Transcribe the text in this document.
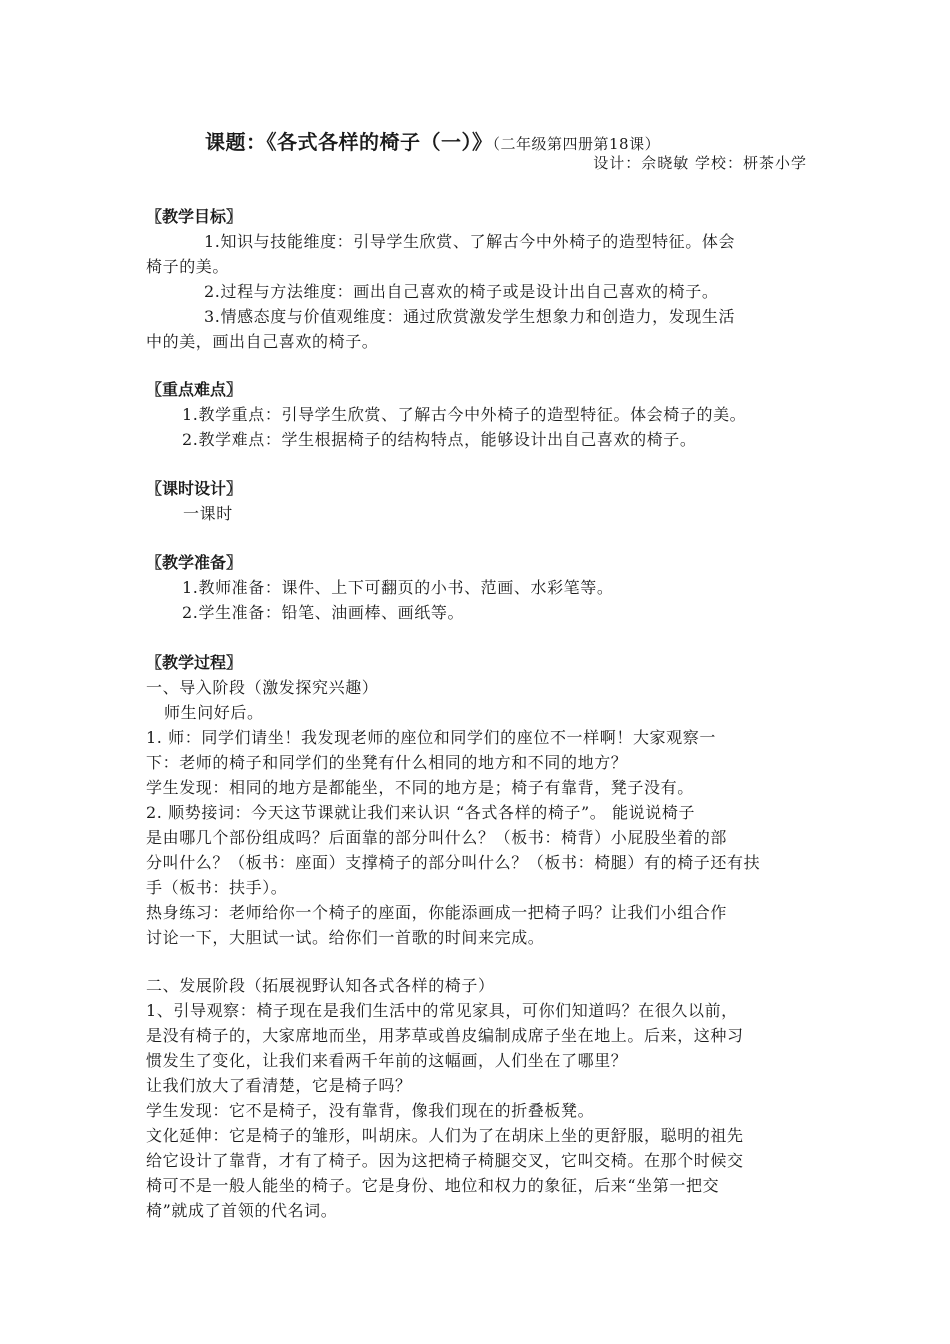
课题：《各式各样的椅子（一）》（二年级第四册第18课）
设计：佘晓敏 学校：枅茶小学
〖教学目标〗
1.知识与技能维度：引导学生欣赏、了解古今中外椅子的造型特征。体会
椅子的美。
2.过程与方法维度：画出自己喜欢的椅子或是设计出自己喜欢的椅子。
3.情感态度与价值观维度：通过欣赏激发学生想象力和创造力，发现生活
中的美，画出自己喜欢的椅子。
〖重点难点〗
1.教学重点：引导学生欣赏、了解古今中外椅子的造型特征。体会椅子的美。
2.教学难点：学生根据椅子的结构特点，能够设计出自己喜欢的椅子。
〖课时设计〗
一课时
〖教学准备〗
1.教师准备：课件、上下可翻页的小书、范画、水彩笔等。
2.学生准备：铅笔、油画棒、画纸等。
〖教学过程〗
一、导入阶段（激发探究兴趣）
师生问好后。
1. 师：同学们请坐！我发现老师的座位和同学们的座位不一样啊！大家观察一
下：老师的椅子和同学们的坐凳有什么相同的地方和不同的地方？
学生发现：相同的地方是都能坐，不同的地方是；椅子有靠背，凳子没有。
2. 顺势接词：今天这节课就让我们来认识 “各式各样的椅子”。 能说说椅子
是由哪几个部份组成吗？后面靠的部分叫什么？（板书：椅背）小屁股坐着的部
分叫什么？（板书：座面）支撑椅子的部分叫什么？（板书：椅腿）有的椅子还有扶
手（板书：扶手）。
热身练习：老师给你一个椅子的座面，你能添画成一把椅子吗？让我们小组合作
讨论一下，大胆试一试。给你们一首歌的时间来完成。
二、发展阶段（拓展视野认知各式各样的椅子）
1、引导观察：椅子现在是我们生活中的常见家具，可你们知道吗？在很久以前，
是没有椅子的，大家席地而坐，用茅草或兽皮编制成席子坐在地上。后来，这种习
惯发生了变化，让我们来看两千年前的这幅画，人们坐在了哪里？
让我们放大了看清楚，它是椅子吗？
学生发现：它不是椅子，没有靠背，像我们现在的折叠板凳。
文化延伸：它是椅子的雏形，叫胡床。人们为了在胡床上坐的更舒服，聪明的祖先
给它设计了靠背，才有了椅子。因为这把椅子椅腿交叉，它叫交椅。在那个时候交
椅可不是一般人能坐的椅子。它是身份、地位和权力的象征，后来“坐第一把交
椅”就成了首领的代名词。
